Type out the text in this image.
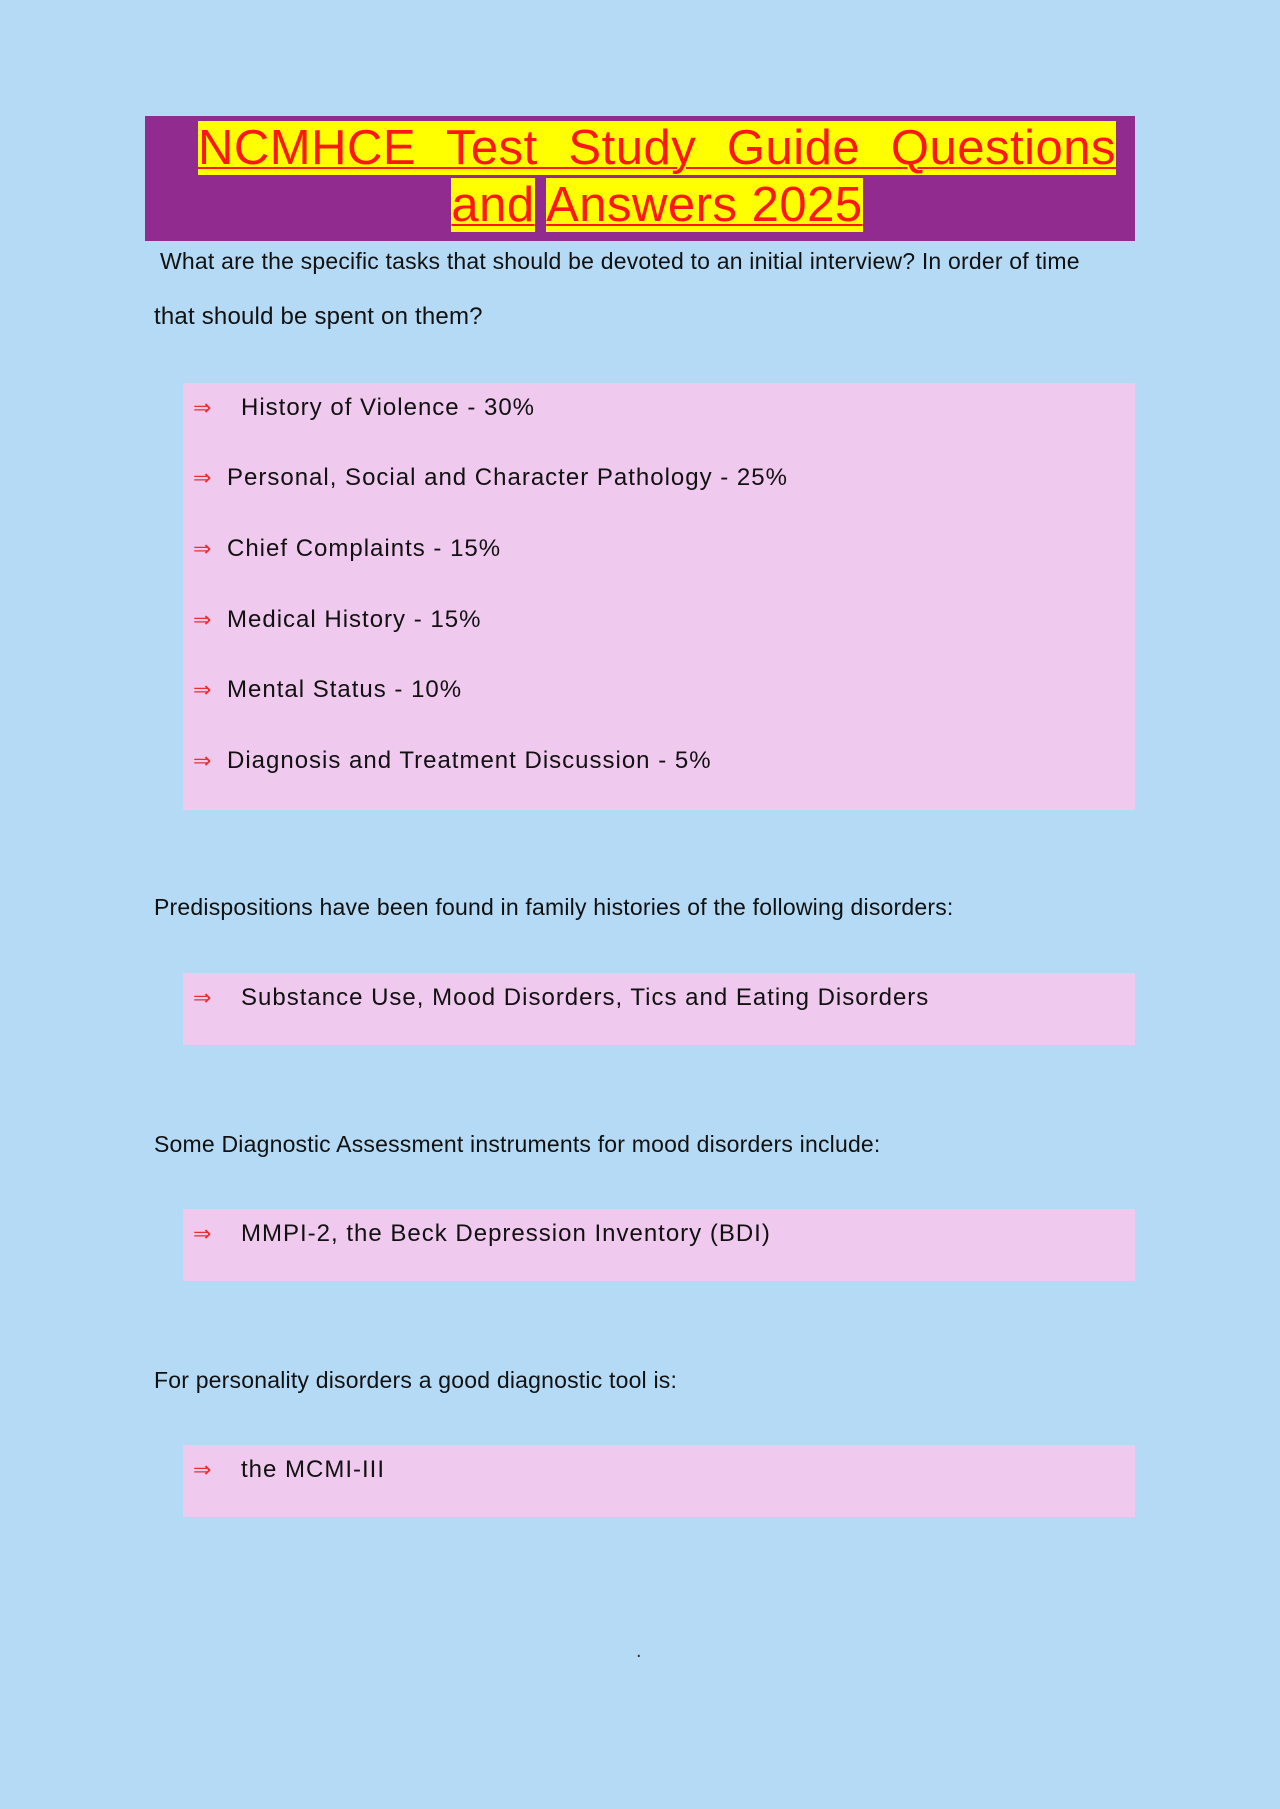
NCMHCE Test Study Guide Questions and Answers 2025

What are the specific tasks that should be devoted to an initial interview? In order of time

that should be spent on them?

⇒	History of Violence - 30%
⇒ Personal, Social and Character Pathology - 25%
⇒ Chief Complaints - 15%
⇒ Medical History - 15%
⇒ Mental Status - 10%
⇒ Diagnosis and Treatment Discussion - 5%

Predispositions have been found in family histories of the following disorders:

⇒	Substance Use, Mood Disorders, Tics and Eating Disorders

Some Diagnostic Assessment instruments for mood disorders include:

⇒	MMPI-2, the Beck Depression Inventory (BDI)

For personality disorders a good diagnostic tool is:

⇒	the MCMI-III
.
